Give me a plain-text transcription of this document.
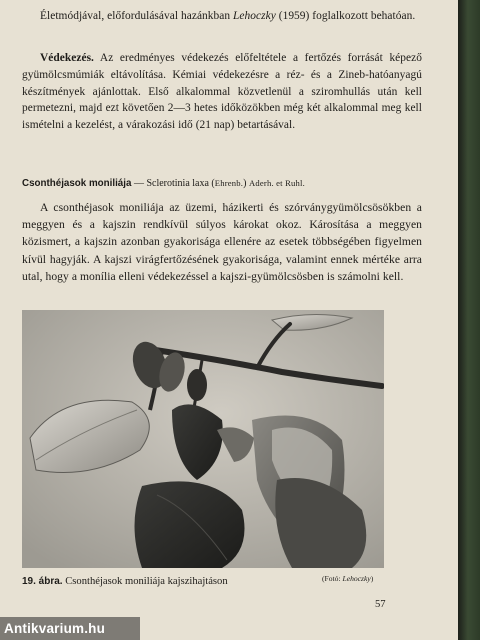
Életmódjával, előfordulásával hazánkban Lehoczky (1959) foglalkozott behatóan.
Védekezés. Az eredményes védekezés előfeltétele a fertőzés forrását képező gyümölcsmúmiák eltávolítása. Kémiai védekezésre a réz- és a Zineb-hatóanyagú készítmények ajánlottak. Első alkalommal közvetlenül a sziromhullás után kell permetezni, majd ezt követően 2—3 hetes időközökben még két alkalommal meg kell ismételni a kezelést, a várakozási idő (21 nap) betartásával.
Csonthéjasok moniliája — Sclerotinia laxa (Ehrenb.) Aderh. et Ruhl.
A csonthéjasok moniliája az üzemi, házikerti és szórványgyümölcsösökben a meggyen és a kajszin rendkívül súlyos károkat okoz. Károsítása a meggyen közismert, a kajszin azonban gyakorisága ellenére az esetek többségében figyelmen kívül hagyják. A kajszi virágfertőzésének gyakorisága, valamint ennek mértéke arra utal, hogy a monília elleni védekezéssel a kajszi-gyümölcsösben is számolni kell.
19. ábra. Csonthéjasok moniliája kajszihajtáson	(Fotó: Lehoczky)
57
Antikvarium.hu
